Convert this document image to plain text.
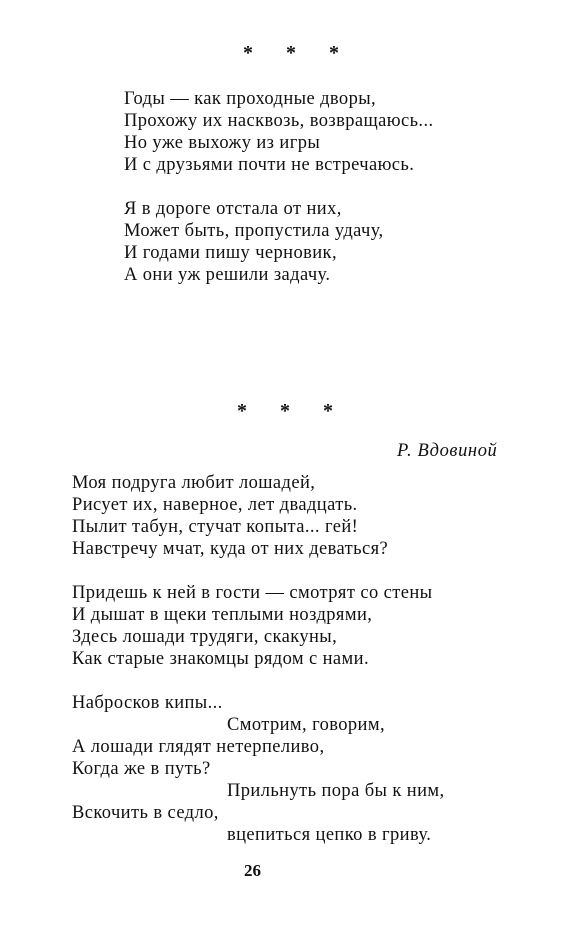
* * *
Годы — как проходные дворы,
Прохожу их насквозь, возвращаюсь...
Но уже выхожу из игры
И с друзьями почти не встречаюсь.
Я в дороге отстала от них,
Может быть, пропустила удачу,
И годами пишу черновик,
А они уж решили задачу.
* * *
Р. Вдовиной
Моя подруга любит лошадей,
Рисует их, наверное, лет двадцать.
Пылит табун, стучат копыта... гей!
Навстречу мчат, куда от них деваться?
Придешь к ней в гости — смотрят со стены
И дышат в щеки теплыми ноздрями,
Здесь лошади трудяги, скакуны,
Как старые знакомцы рядом с нами.
Набросков кипы...
Смотрим, говорим,
А лошади глядят нетерпеливо,
Когда же в путь?
Прильнуть пора бы к ним,
Вскочить в седло,
вцепиться цепко в гриву.
26
